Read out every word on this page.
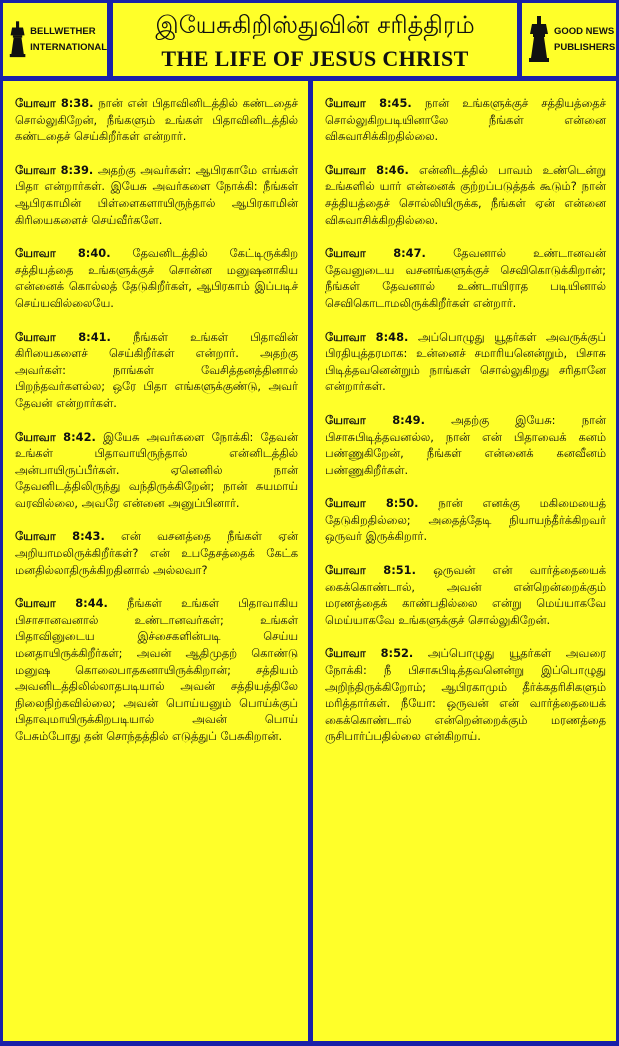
BELLWETHER
INTERNATIONAL
இயேசுகிறிஸ்துவின் சரித்திரம்
THE LIFE OF JESUS CHRIST
GOOD NEWS
PUBLISHERS

யோவா 8:38. நான் என் பிதாவினிடத்தில் கண்டதைச் சொல்லுகிறேன், நீங்களும் உங்கள் பிதாவினிடத்தில் கண்டதைச் செய்கிறீர்கள் என்றார்.

யோவா 8:39. அதற்கு அவர்கள்: ஆபிரகாமே எங்கள் பிதா என்றார்கள். இயேசு அவர்களை நோக்கி: நீங்கள் ஆபிரகாமின் பிள்ளைகளாயிருந்தால் ஆபிரகாமின் கிரியைகளைச் செய்வீர்களே.

யோவா 8:40. தேவனிடத்தில் கேட்டிருக்கிற சத்தியத்தை உங்களுக்குச் சொன்ன மனுஷனாகிய என்னைக் கொல்லத் தேடுகிறீர்கள், ஆபிரகாம் இப்படிச் செய்யவில்லையே.

யோவா 8:41. நீங்கள் உங்கள் பிதாவின் கிரியைகளைச் செய்கிறீர்கள் என்றார். அதற்கு அவர்கள்: நாங்கள் வேசித்தனத்தினால் பிறந்தவர்களல்ல; ஒரே பிதா எங்களுக்குண்டு, அவர் தேவன் என்றார்கள்.

யோவா 8:42. இயேசு அவர்களை நோக்கி: தேவன் உங்கள் பிதாவாயிருந்தால் என்னிடத்தில் அன்பாயிருப்பீர்கள். ஏனெனில் நான் தேவனிடத்திலிருந்து வந்திருக்கிறேன்; நான் சுயமாய் வரவில்லை, அவரே என்னை அனுப்பினார்.

யோவா 8:43. என் வசனத்தை நீங்கள் ஏன் அறியாமலிருக்கிறீர்கள்? என் உபதேசத்தைக் கேட்க மனதில்லாதிருக்கிறதினால் அல்லவா?

யோவா 8:44. நீங்கள் உங்கள் பிதாவாகிய பிசாசானவனால் உண்டானவர்கள்; உங்கள் பிதாவினுடைய இச்சைகளின்படி செய்ய மனதாயிருக்கிறீர்கள்; அவன் ஆதிமுதற் கொண்டு மனுஷ கொலைபாதகனாயிருக்கிறான்; சத்தியம் அவனிடத்திலில்லாதபடியால் அவன் சத்தியத்திலே நிலைநிற்கவில்லை; அவன் பொய்யனும் பொய்க்குப் பிதாவுமாயிருக்கிறபடியால் அவன் பொய் பேசும்போது தன் சொந்தத்தில் எடுத்துப் பேசுகிறான்.

யோவா 8:45. நான் உங்களுக்குச் சத்தியத்தைச் சொல்லுகிறபடியினாலே நீங்கள் என்னை விசுவாசிக்கிறதில்லை.

யோவா 8:46. என்னிடத்தில் பாவம் உண்டென்று உங்களில் யார் என்னைக் குற்றப்படுத்தக் கூடும்? நான் சத்தியத்தைச் சொல்லியிருக்க, நீங்கள் ஏன் என்னை விசுவாசிக்கிறதில்லை.

யோவா 8:47. தேவனால் உண்டானவன் தேவனுடைய வசனங்களுக்குச் செவிகொடுக்கிறான்; நீங்கள் தேவனால் உண்டாயிராத படியினால் செவிகொடாமலிருக்கிறீர்கள் என்றார்.

யோவா 8:48. அப்பொழுது யூதர்கள் அவருக்குப் பிரதியுத்தரமாக: உன்னைச் சமாரியனென்றும், பிசாசு பிடித்தவனென்றும் நாங்கள் சொல்லுகிறது சரிதானே என்றார்கள்.

யோவா 8:49. அதற்கு இயேசு: நான் பிசாசுபிடித்தவனல்ல, நான் என் பிதாவைக் கனம் பண்ணுகிறேன், நீங்கள் என்னைக் கனவீனம் பண்ணுகிறீர்கள்.

யோவா 8:50. நான் எனக்கு மகிமையைத் தேடுகிறதில்லை; அதைத்தேடி நியாயந்தீர்க்கிறவர் ஒருவர் இருக்கிறார்.

யோவா 8:51. ஒருவன் என் வார்த்தையைக் கைக்கொண்டால், அவன் என்றென்றைக்கும் மரணத்தைக் காண்பதில்லை என்று மெய்யாகவே மெய்யாகவே உங்களுக்குச் சொல்லுகிறேன்.

யோவா 8:52. அப்பொழுது யூதர்கள் அவரை நோக்கி: நீ பிசாசுபிடித்தவனென்று இப்பொழுது அறிந்திருக்கிறோம்; ஆபிரகாமும் தீர்க்கதரிசிகளும் மரித்தார்கள். நீயோ: ஒருவன் என் வார்த்தையைக் கைக்கொண்டால் என்றென்றைக்கும் மரணத்தை ருசிபார்ப்பதில்லை என்கிறாய்.
